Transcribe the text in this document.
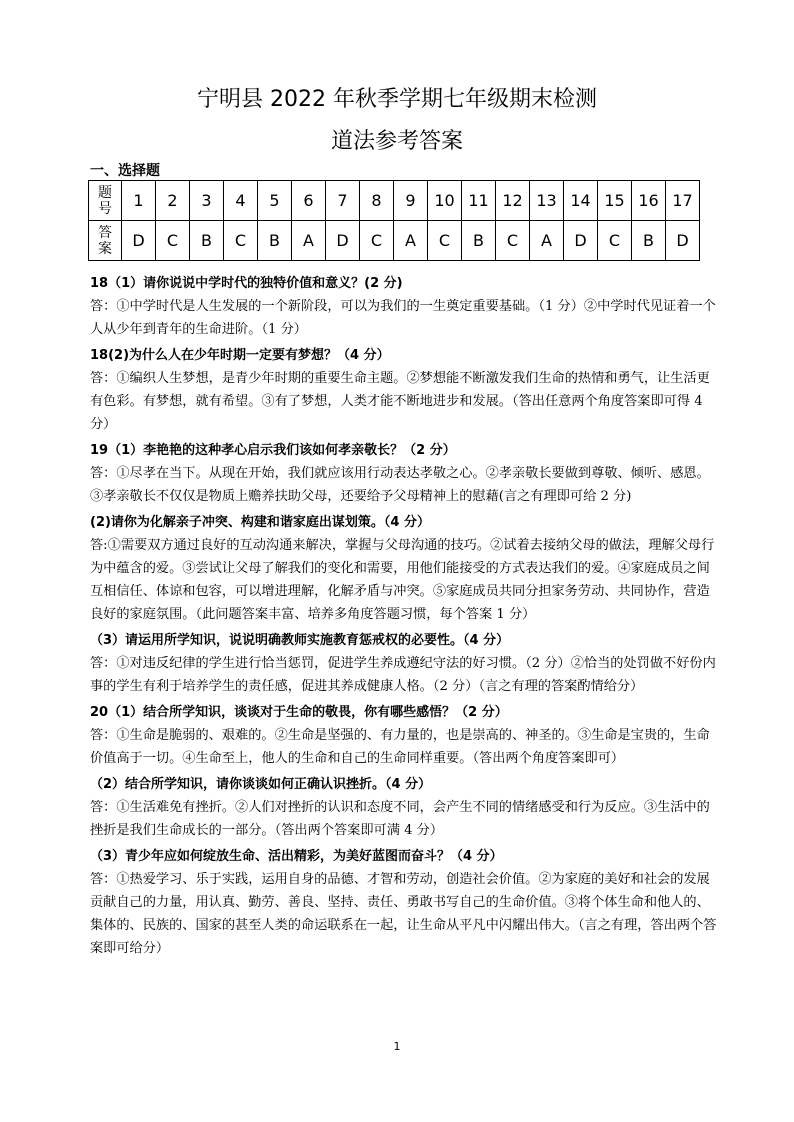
宁明县 2022 年秋季学期七年级期末检测
道法参考答案
一、选择题
题
号	1	2	3	4	5	6	7	8	9	10	11	12	13	14	15	16	17
答
案	D	C	B	C	B	A	D	C	A	C	B	C	A	D	C	B	D

18（1）请你说说中学时代的独特价值和意义？(2 分)

答：①中学时代是人生发展的一个新阶段，可以为我们的一生奠定重要基础。（1 分）②中学时代见证着一个人从少年到青年的生命进阶。（1 分）

18(2)为什么人在少年时期一定要有梦想？（4 分）

答：①编织人生梦想，是青少年时期的重要生命主题。②梦想能不断激发我们生命的热情和勇气，让生活更有色彩。有梦想，就有希望。③有了梦想，人类才能不断地进步和发展。（答出任意两个角度答案即可得 4 分）

19（1）李艳艳的这种孝心启示我们该如何孝亲敬长？（2 分）

答：①尽孝在当下。从现在开始，我们就应该用行动表达孝敬之心。②孝亲敬长要做到尊敬、倾听、感恩。③孝亲敬长不仅仅是物质上赡养扶助父母，还要给予父母精神上的慰藉(言之有理即可给 2 分)

(2)请你为化解亲子冲突、构建和谐家庭出谋划策。（4 分）

答:①需要双方通过良好的互动沟通来解决，掌握与父母沟通的技巧。②试着去接纳父母的做法，理解父母行为中蕴含的爱。③尝试让父母了解我们的变化和需要，用他们能接受的方式表达我们的爱。④家庭成员之间互相信任、体谅和包容，可以增进理解，化解矛盾与冲突。⑤家庭成员共同分担家务劳动、共同协作，营造良好的家庭氛围。（此问题答案丰富、培养多角度答题习惯，每个答案 1 分）

（3）请运用所学知识，说说明确教师实施教育惩戒权的必要性。（4 分）

答：①对违反纪律的学生进行恰当惩罚，促进学生养成遵纪守法的好习惯。（2 分）②恰当的处罚做不好份内事的学生有利于培养学生的责任感，促进其养成健康人格。（2 分）（言之有理的答案酌情给分）

20（1）结合所学知识，谈谈对于生命的敬畏，你有哪些感悟？（2 分）

答：①生命是脆弱的、艰难的。②生命是坚强的、有力量的，也是崇高的、神圣的。③生命是宝贵的，生命价值高于一切。④生命至上，他人的生命和自己的生命同样重要。（答出两个角度答案即可）

（2）结合所学知识，请你谈谈如何正确认识挫折。（4 分）

答：①生活难免有挫折。②人们对挫折的认识和态度不同，会产生不同的情绪感受和行为反应。③生活中的挫折是我们生命成长的一部分。（答出两个答案即可满 4 分）

（3）青少年应如何绽放生命、活出精彩，为美好蓝图而奋斗？（4 分）

答：①热爱学习、乐于实践，运用自身的品德、才智和劳动，创造社会价值。②为家庭的美好和社会的发展贡献自己的力量，用认真、勤劳、善良、坚持、责任、勇敢书写自己的生命价值。③将个体生命和他人的、集体的、民族的、国家的甚至人类的命运联系在一起，让生命从平凡中闪耀出伟大。（言之有理，答出两个答案即可给分）

1
